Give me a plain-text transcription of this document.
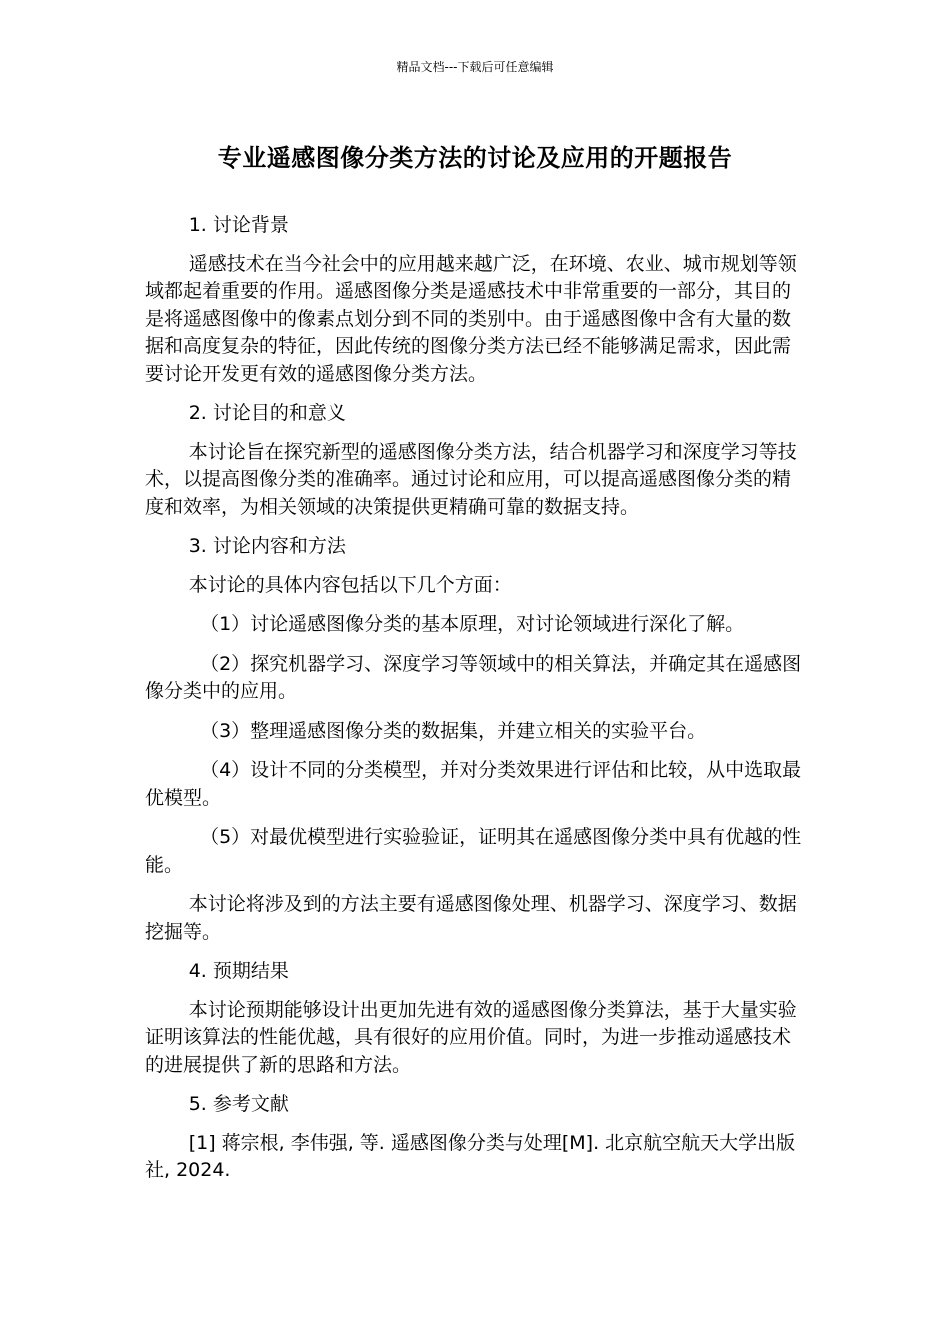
精品文档---下载后可任意编辑
专业遥感图像分类方法的讨论及应用的开题报告

1. 讨论背景

遥感技术在当今社会中的应用越来越广泛，在环境、农业、城市规划等领域都起着重要的作用。遥感图像分类是遥感技术中非常重要的一部分，其目的是将遥感图像中的像素点划分到不同的类别中。由于遥感图像中含有大量的数据和高度复杂的特征，因此传统的图像分类方法已经不能够满足需求，因此需要讨论开发更有效的遥感图像分类方法。

2. 讨论目的和意义

本讨论旨在探究新型的遥感图像分类方法，结合机器学习和深度学习等技术，以提高图像分类的准确率。通过讨论和应用，可以提高遥感图像分类的精度和效率，为相关领域的决策提供更精确可靠的数据支持。

3. 讨论内容和方法

本讨论的具体内容包括以下几个方面：

（1）讨论遥感图像分类的基本原理，对讨论领域进行深化了解。

（2）探究机器学习、深度学习等领域中的相关算法，并确定其在遥感图像分类中的应用。

（3）整理遥感图像分类的数据集，并建立相关的实验平台。

（4）设计不同的分类模型，并对分类效果进行评估和比较，从中选取最优模型。

（5）对最优模型进行实验验证，证明其在遥感图像分类中具有优越的性能。

本讨论将涉及到的方法主要有遥感图像处理、机器学习、深度学习、数据挖掘等。

4. 预期结果

本讨论预期能够设计出更加先进有效的遥感图像分类算法，基于大量实验证明该算法的性能优越，具有很好的应用价值。同时，为进一步推动遥感技术的进展提供了新的思路和方法。

5. 参考文献

[1] 蒋宗根, 李伟强, 等. 遥感图像分类与处理[M]. 北京航空航天大学出版社, 2024.
